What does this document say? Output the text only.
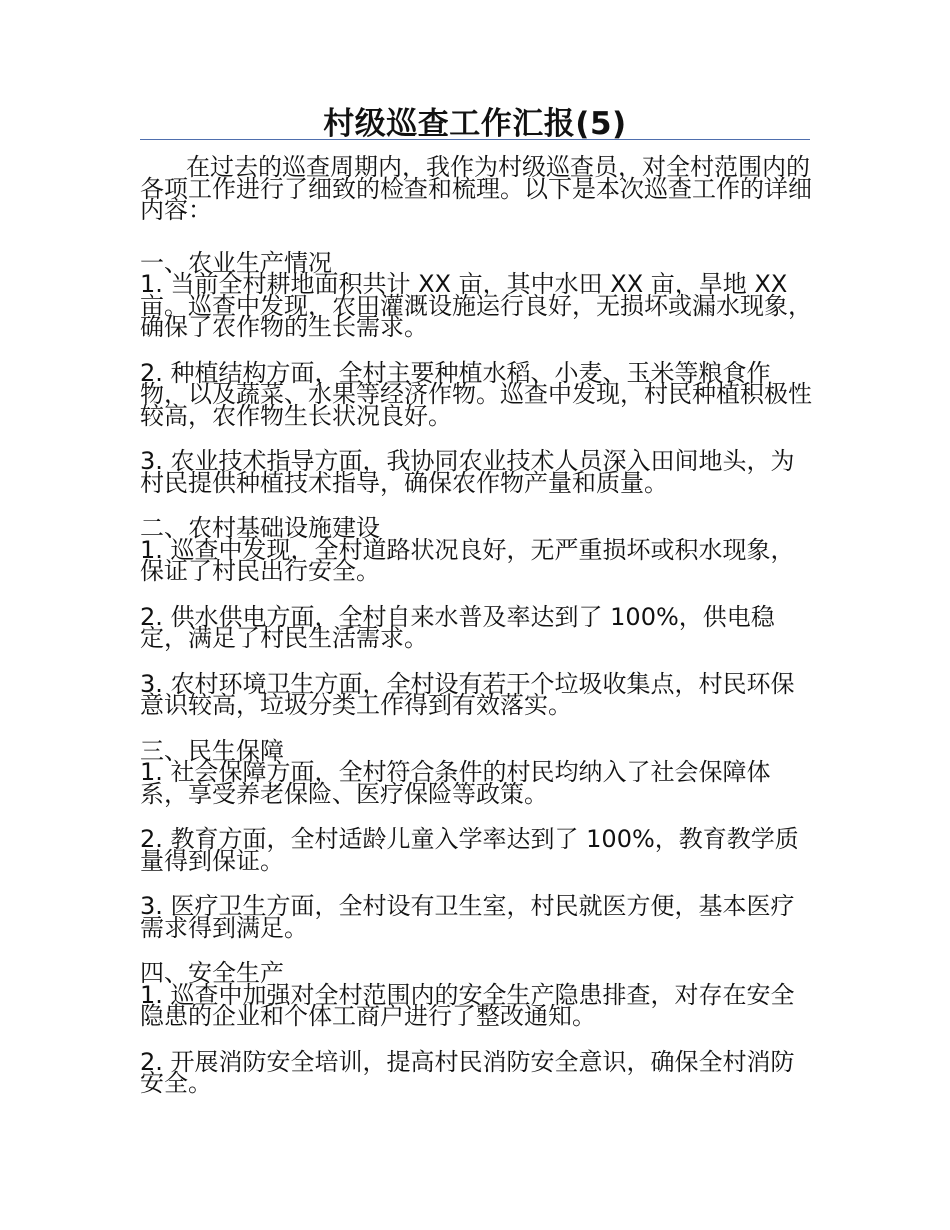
村级巡查工作汇报(5)

在过去的巡查周期内，我作为村级巡查员，对全村范围内的各项工作进行了细致的检查和梳理。以下是本次巡查工作的详细内容：

一、农业生产情况

1. 当前全村耕地面积共计 XX 亩，其中水田 XX 亩，旱地 XX 亩。巡查中发现，农田灌溉设施运行良好，无损坏或漏水现象，确保了农作物的生长需求。

2. 种植结构方面，全村主要种植水稻、小麦、玉米等粮食作物，以及蔬菜、水果等经济作物。巡查中发现，村民种植积极性较高，农作物生长状况良好。

3. 农业技术指导方面，我协同农业技术人员深入田间地头，为村民提供种植技术指导，确保农作物产量和质量。

二、农村基础设施建设

1. 巡查中发现，全村道路状况良好，无严重损坏或积水现象，保证了村民出行安全。

2. 供水供电方面，全村自来水普及率达到了 100%，供电稳定，满足了村民生活需求。

3. 农村环境卫生方面，全村设有若干个垃圾收集点，村民环保意识较高，垃圾分类工作得到有效落实。

三、民生保障

1. 社会保障方面，全村符合条件的村民均纳入了社会保障体系，享受养老保险、医疗保险等政策。

2. 教育方面，全村适龄儿童入学率达到了 100%，教育教学质量得到保证。

3. 医疗卫生方面，全村设有卫生室，村民就医方便，基本医疗需求得到满足。

四、安全生产

1. 巡查中加强对全村范围内的安全生产隐患排查，对存在安全隐患的企业和个体工商户进行了整改通知。

2. 开展消防安全培训，提高村民消防安全意识，确保全村消防安全。
